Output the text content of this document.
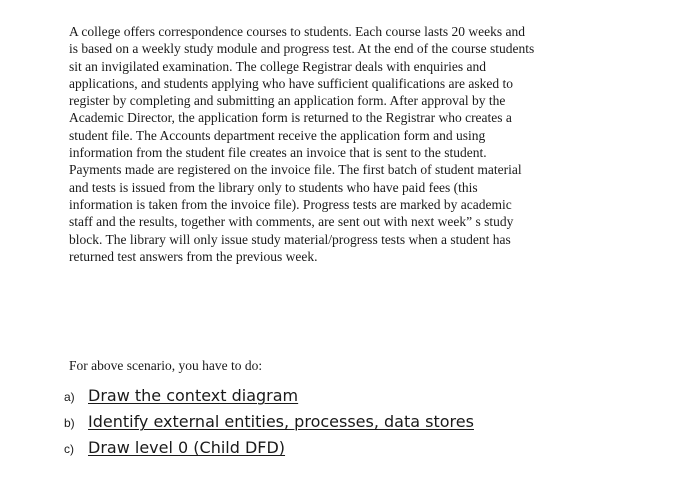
A college offers correspondence courses to students. Each course lasts 20 weeks and
is based on a weekly study module and progress test. At the end of the course students
sit an invigilated examination. The college Registrar deals with enquiries and
applications, and students applying who have sufficient qualifications are asked to
register by completing and submitting an application form. After approval by the
Academic Director, the application form is returned to the Registrar who creates a
student file. The Accounts department receive the application form and using
information from the student file creates an invoice that is sent to the student.
Payments made are registered on the invoice file. The first batch of student material
and tests is issued from the library only to students who have paid fees (this
information is taken from the invoice file). Progress tests are marked by academic
staff and the results, together with comments, are sent out with next week” s study
block. The library will only issue study material/progress tests when a student has
returned test answers from the previous week.

For above scenario, you have to do:

a) Draw the context diagram
b) Identify external entities, processes, data stores
c) Draw level 0 (Child DFD)
